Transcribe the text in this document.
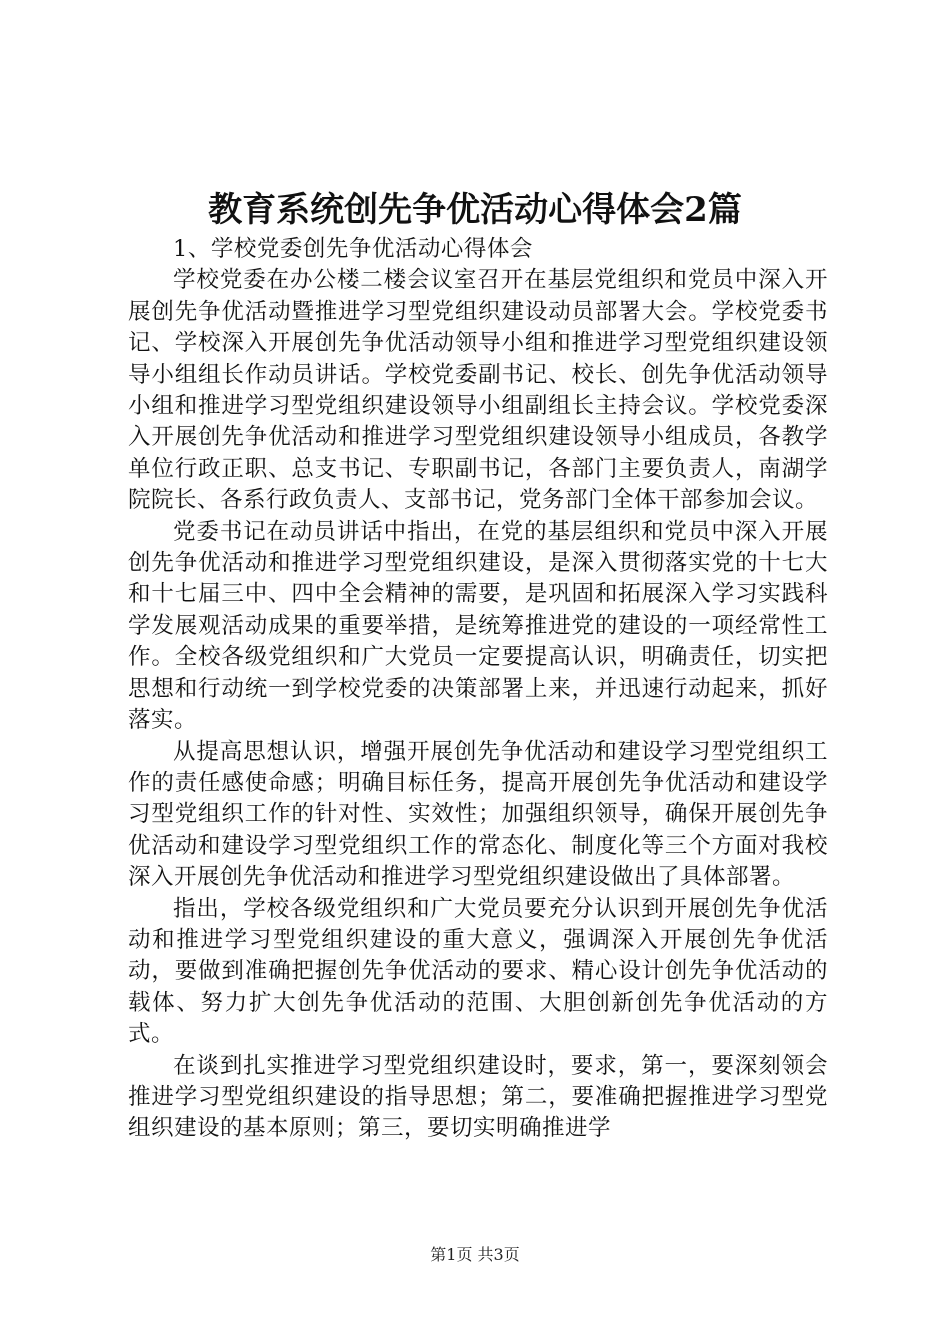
教育系统创先争优活动心得体会2篇

1、学校党委创先争优活动心得体会

学校党委在办公楼二楼会议室召开在基层党组织和党员中深入开展创先争优活动暨推进学习型党组织建设动员部署大会。学校党委书记、学校深入开展创先争优活动领导小组和推进学习型党组织建设领导小组组长作动员讲话。学校党委副书记、校长、创先争优活动领导小组和推进学习型党组织建设领导小组副组长主持会议。学校党委深入开展创先争优活动和推进学习型党组织建设领导小组成员，各教学单位行政正职、总支书记、专职副书记，各部门主要负责人，南湖学院院长、各系行政负责人、支部书记，党务部门全体干部参加会议。

党委书记在动员讲话中指出，在党的基层组织和党员中深入开展创先争优活动和推进学习型党组织建设，是深入贯彻落实党的十七大和十七届三中、四中全会精神的需要，是巩固和拓展深入学习实践科学发展观活动成果的重要举措，是统筹推进党的建设的一项经常性工作。全校各级党组织和广大党员一定要提高认识，明确责任，切实把思想和行动统一到学校党委的决策部署上来，并迅速行动起来，抓好落实。

从提高思想认识，增强开展创先争优活动和建设学习型党组织工作的责任感使命感；明确目标任务，提高开展创先争优活动和建设学习型党组织工作的针对性、实效性；加强组织领导，确保开展创先争优活动和建设学习型党组织工作的常态化、制度化等三个方面对我校深入开展创先争优活动和推进学习型党组织建设做出了具体部署。

指出，学校各级党组织和广大党员要充分认识到开展创先争优活动和推进学习型党组织建设的重大意义，强调深入开展创先争优活动，要做到准确把握创先争优活动的要求、精心设计创先争优活动的载体、努力扩大创先争优活动的范围、大胆创新创先争优活动的方式。

在谈到扎实推进学习型党组织建设时，要求，第一，要深刻领会推进学习型党组织建设的指导思想；第二，要准确把握推进学习型党组织建设的基本原则；第三，要切实明确推进学

第1页 共3页
